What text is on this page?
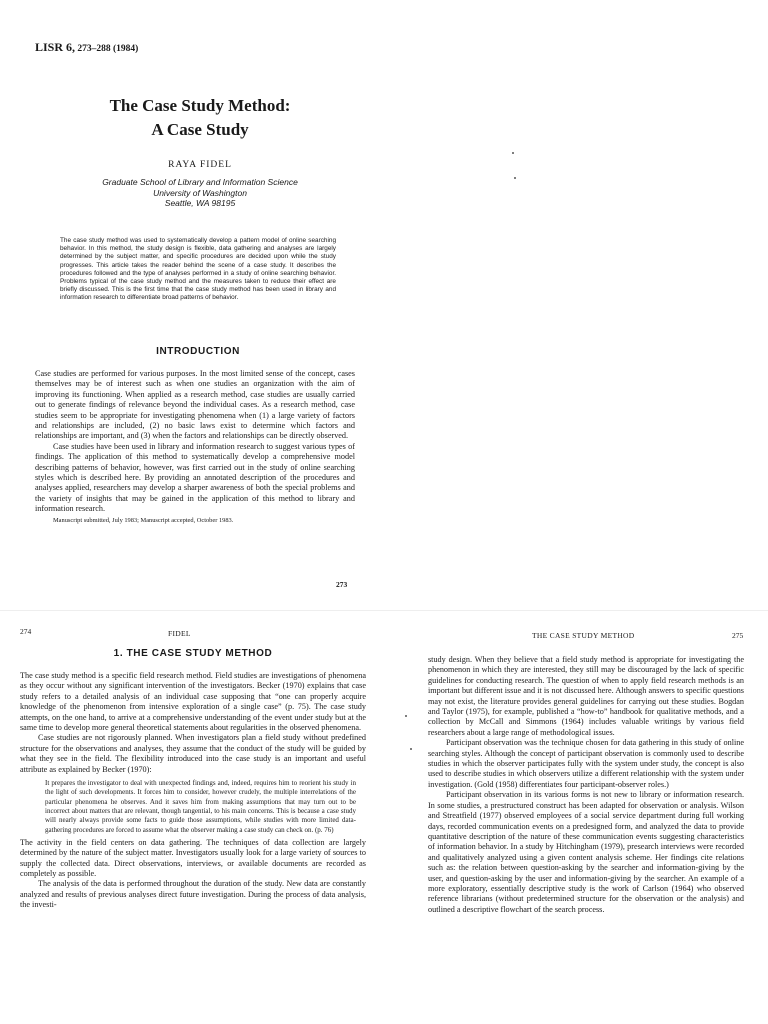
LISR 6, 273–288 (1984)
The Case Study Method:
A Case Study
RAYA FIDEL
Graduate School of Library and Information Science
University of Washington
Seattle, WA 98195
The case study method was used to systematically develop a pattern model of online searching behavior. In this method, the study design is flexible, data gathering and analyses are largely determined by the subject matter, and specific procedures are decided upon while the study progresses. This article takes the reader behind the scene of a case study. It describes the procedures followed and the type of analyses performed in a study of online searching behavior. Problems typical of the case study method and the measures taken to reduce their effect are briefly discussed. This is the first time that the case study method has been used in library and information research to differentiate broad patterns of behavior.
INTRODUCTION

Case studies are performed for various purposes. In the most limited sense of the concept, cases themselves may be of interest such as when one studies an organization with the aim of improving its functioning. When applied as a research method, case studies are usually carried out to generate findings of relevance beyond the individual cases. As a research method, case studies seem to be appropriate for investigating phenomena when (1) a large variety of factors and relationships are included, (2) no basic laws exist to determine which factors and relationships are important, and (3) when the factors and relationships can be directly observed.

Case studies have been used in library and information research to suggest various types of findings. The application of this method to systematically develop a comprehensive model describing patterns of behavior, however, was first carried out in the study of online searching styles which is described here. By providing an annotated description of the procedures and analyses applied, researchers may develop a sharper awareness of both the special problems and the variety of insights that may be gained in the application of this method to library and information research.

Manuscript submitted, July 1983; Manuscript accepted, October 1983.

273
274	FIDEL
1. THE CASE STUDY METHOD

The case study method is a specific field research method. Field studies are investigations of phenomena as they occur without any significant intervention of the investigators. Becker (1970) explains that case study refers to a detailed analysis of an individual case supposing that “one can properly acquire knowledge of the phenomenon from intensive exploration of a single case” (p. 75). The case study attempts, on the one hand, to arrive at a comprehensive understanding of the event under study but at the same time to develop more general theoretical statements about regularities in the observed phenomena.

Case studies are not rigorously planned. When investigators plan a field study without predefined structure for the observations and analyses, they assume that the conduct of the study will be guided by what they see in the field. The flexibility introduced into the case study is an important and useful attribute as explained by Becker (1970):

It prepares the investigator to deal with unexpected findings and, indeed, requires him to reorient his study in the light of such developments. It forces him to consider, however crudely, the multiple interrelations of the particular phenomena he observes. And it saves him from making assumptions that may turn out to be incorrect about matters that are relevant, though tangential, to his main concerns. This is because a case study will nearly always provide some facts to guide those assumptions, while studies with more limited data-gathering procedures are forced to assume what the observer making a case study can check on. (p. 76)

The activity in the field centers on data gathering. The techniques of data collection are largely determined by the nature of the subject matter. Investigators usually look for a large variety of sources to supply the collected data. Direct observations, interviews, or available documents are recorded as completely as possible.

The analysis of the data is performed throughout the duration of the study. New data are constantly analyzed and results of previous analyses direct future investigation. During the process of data analysis, the investi-

THE CASE STUDY METHOD	275

study design. When they believe that a field study method is appropriate for investigating the phenomenon in which they are interested, they still may be discouraged by the lack of specific guidelines for conducting research. The question of when to apply field research methods is an important but different issue and it is not discussed here. Although answers to specific questions may not exist, the literature provides general guidelines for carrying out these studies. Bogdan and Taylor (1975), for example, published a “how-to” handbook for qualitative methods, and a collection by McCall and Simmons (1964) includes valuable writings by various field researchers about a large range of methodological issues.

Participant observation was the technique chosen for data gathering in this study of online searching styles. Although the concept of participant observation is commonly used to describe studies in which the observer participates fully with the system under study, the concept is also used to describe studies in which observers utilize a different relationship with the system under investigation. (Gold (1958) differentiates four participant-observer roles.)

Participant observation in its various forms is not new to library or information research. In some studies, a prestructured construct has been adapted for observation or analysis. Wilson and Streatfield (1977) observed employees of a social service department during full working days, recorded communication events on a predesigned form, and analyzed the data to provide quantitative description of the nature of these communication events suggesting characteristics of information behavior. In a study by Hitchingham (1979), presearch interviews were recorded and qualitatively analyzed using a given content analysis scheme. Her findings cite relations such as: the relation between question-asking by the searcher and information-giving by the user, and question-asking by the user and information-giving by the searcher. An example of a more exploratory, essentially descriptive study is the work of Carlson (1964) who observed reference librarians (without predetermined structure for the observation or the analysis) and outlined a descriptive flowchart of the search process.
